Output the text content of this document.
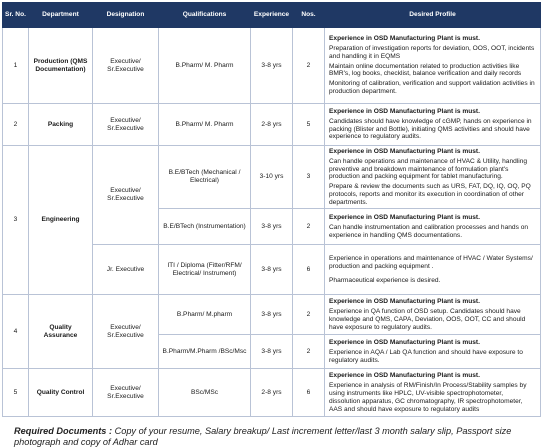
Sr. No.	Department	Designation	Qualifications	Experience	Nos.	Desired Profile
1	Production (QMS Documentation)	Executive/ Sr.Executive	B.Pharm/ M. Pharm	3-8 yrs	2	Experience in OSD Manufacturing Plant is must.

Preparation of investigation reports for deviation, OOS, OOT, incidents and handling it in EQMS

Maintain online documentation related to production activities like BMR's, log books, checklist, balance verification and daily records

Monitoring of calibration, verification and support validation activities in production department.

2	Packing	Executive/ Sr.Executive	B.Pharm/ M. Pharm	2-8 yrs	5	Experience in OSD Manufacturing Plant is must.

Candidates should have knowledge of cGMP, hands on experience in packing (Blister and Bottle), initiating QMS activities and should have experience to regulatory audits.

3	Engineering	Executive/ Sr.Executive	B.E/BTech (Mechanical / Electrical)	3-10 yrs	3	Experience in OSD Manufacturing Plant is must.

Can handle operations and maintenance of HVAC & Utility, handling preventive and breakdown maintenance of formulation plant's production and packing equipment for tablet manufacturing.

Prepare & review the documents such as URS, FAT, DQ, IQ, OQ, PQ protocols, reports and monitor its execution in coordination of other departments.

			B.E/BTech (Instrumentation)	3-8 yrs	2	Experience in OSD Manufacturing Plant is must.

Can handle instrumentation and calibration processes and hands on experience in handling QMS documentations.

		Jr. Executive	ITI / Diploma (Fitter/RFM/ Electrical/ Instrument)	3-8 yrs	6	Experience in operations and maintenance of HVAC / Water Systems/ production and packing equipment .

Pharmaceutical experience is desired.

4	Quality Assurance	Executive/ Sr.Executive	B.Pharm/ M.pharm	3-8 yrs	2	Experience in OSD Manufacturing Plant is must.

Experience in QA function of OSD setup. Candidates should have knowledge and QMS, CAPA, Deviation, OOS, OOT, CC and should have exposure to regulatory audits.

			B.Pharm/M.Pharm /BSc/Msc	3-8 yrs	2	Experience in OSD Manufacturing Plant is must.

Experience in AQA / Lab QA function and should have exposure to regulatory audits.

5	Quality Control	Executive/ Sr.Executive	BSc/MSc	2-8 yrs	6	Experience in OSD Manufacturing Plant is must.

Experience in analysis of RM/Finish/In Process/Stability samples by using instruments like HPLC, UV-visible spectrophotometer, dissolution apparatus, GC chromatography, IR spectrophotometer, AAS and should have exposure to regulatory audits

Required Documents : Copy of your resume, Salary breakup/ Last increment letter/last 3 month salary slip, Passport size photograph and copy of Adhar card
